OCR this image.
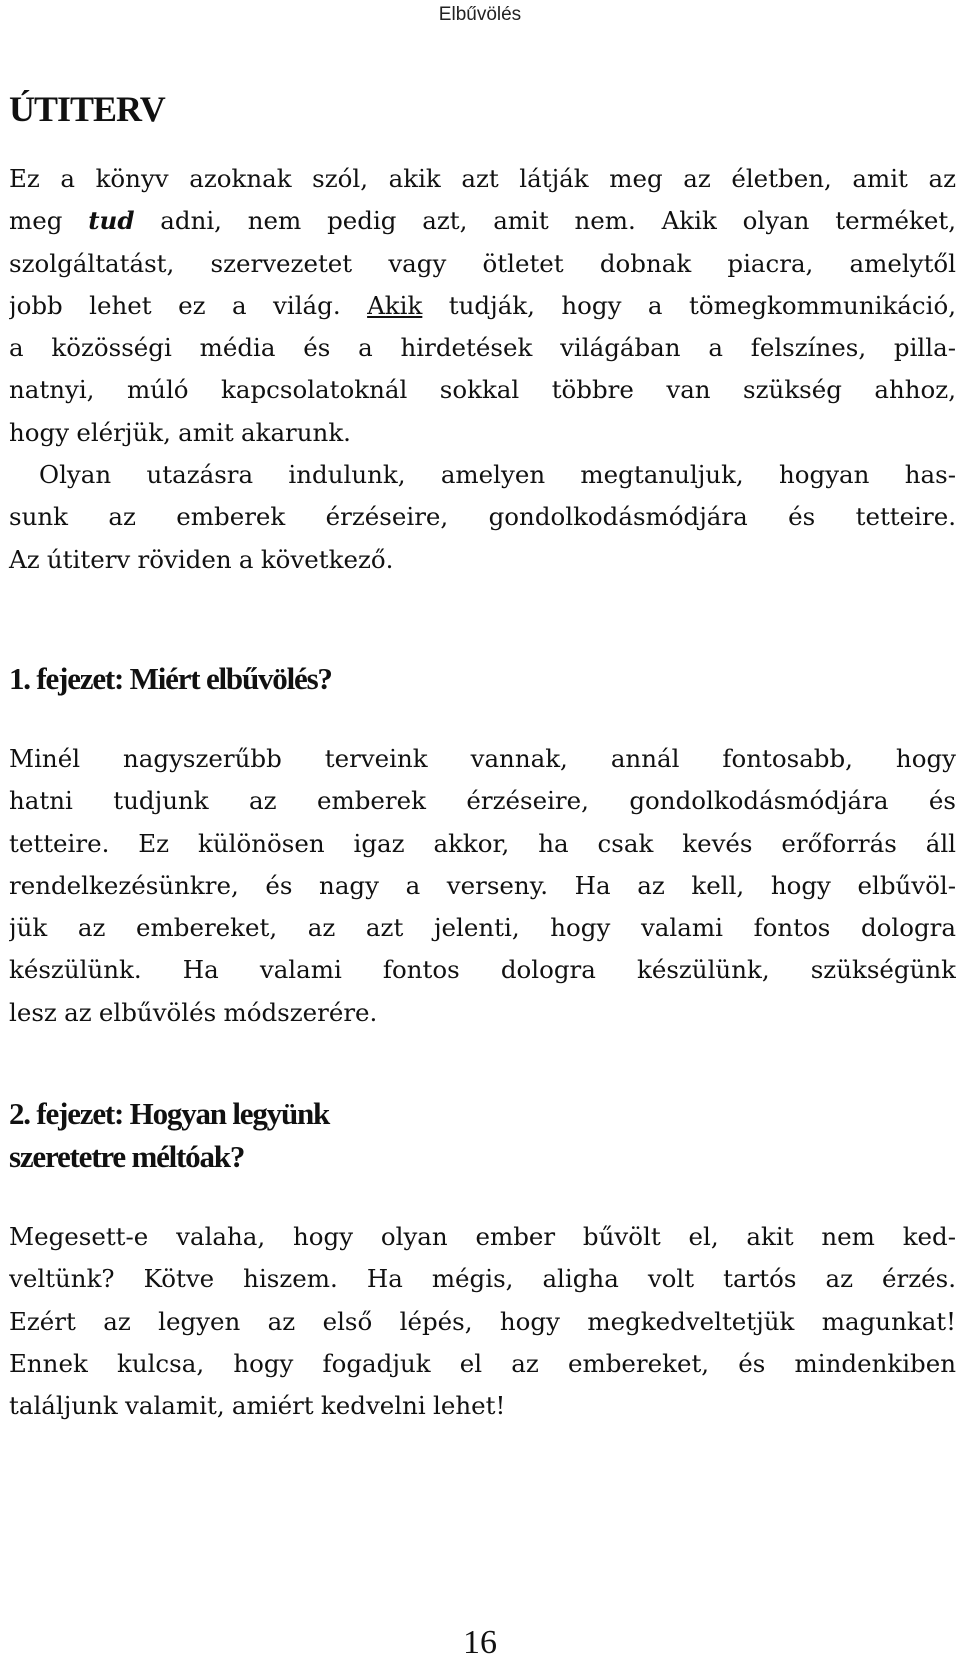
Elbűvölés
ÚTITERV
Ez a könyv azoknak szól, akik azt látják meg az életben, amit az
meg tud adni, nem pedig azt, amit nem. Akik olyan terméket,
szolgáltatást, szervezetet vagy ötletet dobnak piacra, amelytől
jobb lehet ez a világ. Akik tudják, hogy a tömegkommunikáció,
a közösségi média és a hirdetések világában a felszínes, pilla-
natnyi, múló kapcsolatoknál sokkal többre van szükség ahhoz,
hogy elérjük, amit akarunk.
Olyan utazásra indulunk, amelyen megtanuljuk, hogyan has-
sunk az emberek érzéseire, gondolkodásmódjára és tetteire.
Az útiterv röviden a következő.
1. fejezet: Miért elbűvölés?
Minél nagyszerűbb terveink vannak, annál fontosabb, hogy
hatni tudjunk az emberek érzéseire, gondolkodásmódjára és
tetteire. Ez különösen igaz akkor, ha csak kevés erőforrás áll
rendelkezésünkre, és nagy a verseny. Ha az kell, hogy elbűvöl-
jük az embereket, az azt jelenti, hogy valami fontos dologra
készülünk. Ha valami fontos dologra készülünk, szükségünk
lesz az elbűvölés módszerére.
2. fejezet: Hogyan legyünk
szeretetre méltóak?
Megesett-e valaha, hogy olyan ember bűvölt el, akit nem ked-
veltünk? Kötve hiszem. Ha mégis, aligha volt tartós az érzés.
Ezért az legyen az első lépés, hogy megkedveltetjük magunkat!
Ennek kulcsa, hogy fogadjuk el az embereket, és mindenkiben
találjunk valamit, amiért kedvelni lehet!
16
